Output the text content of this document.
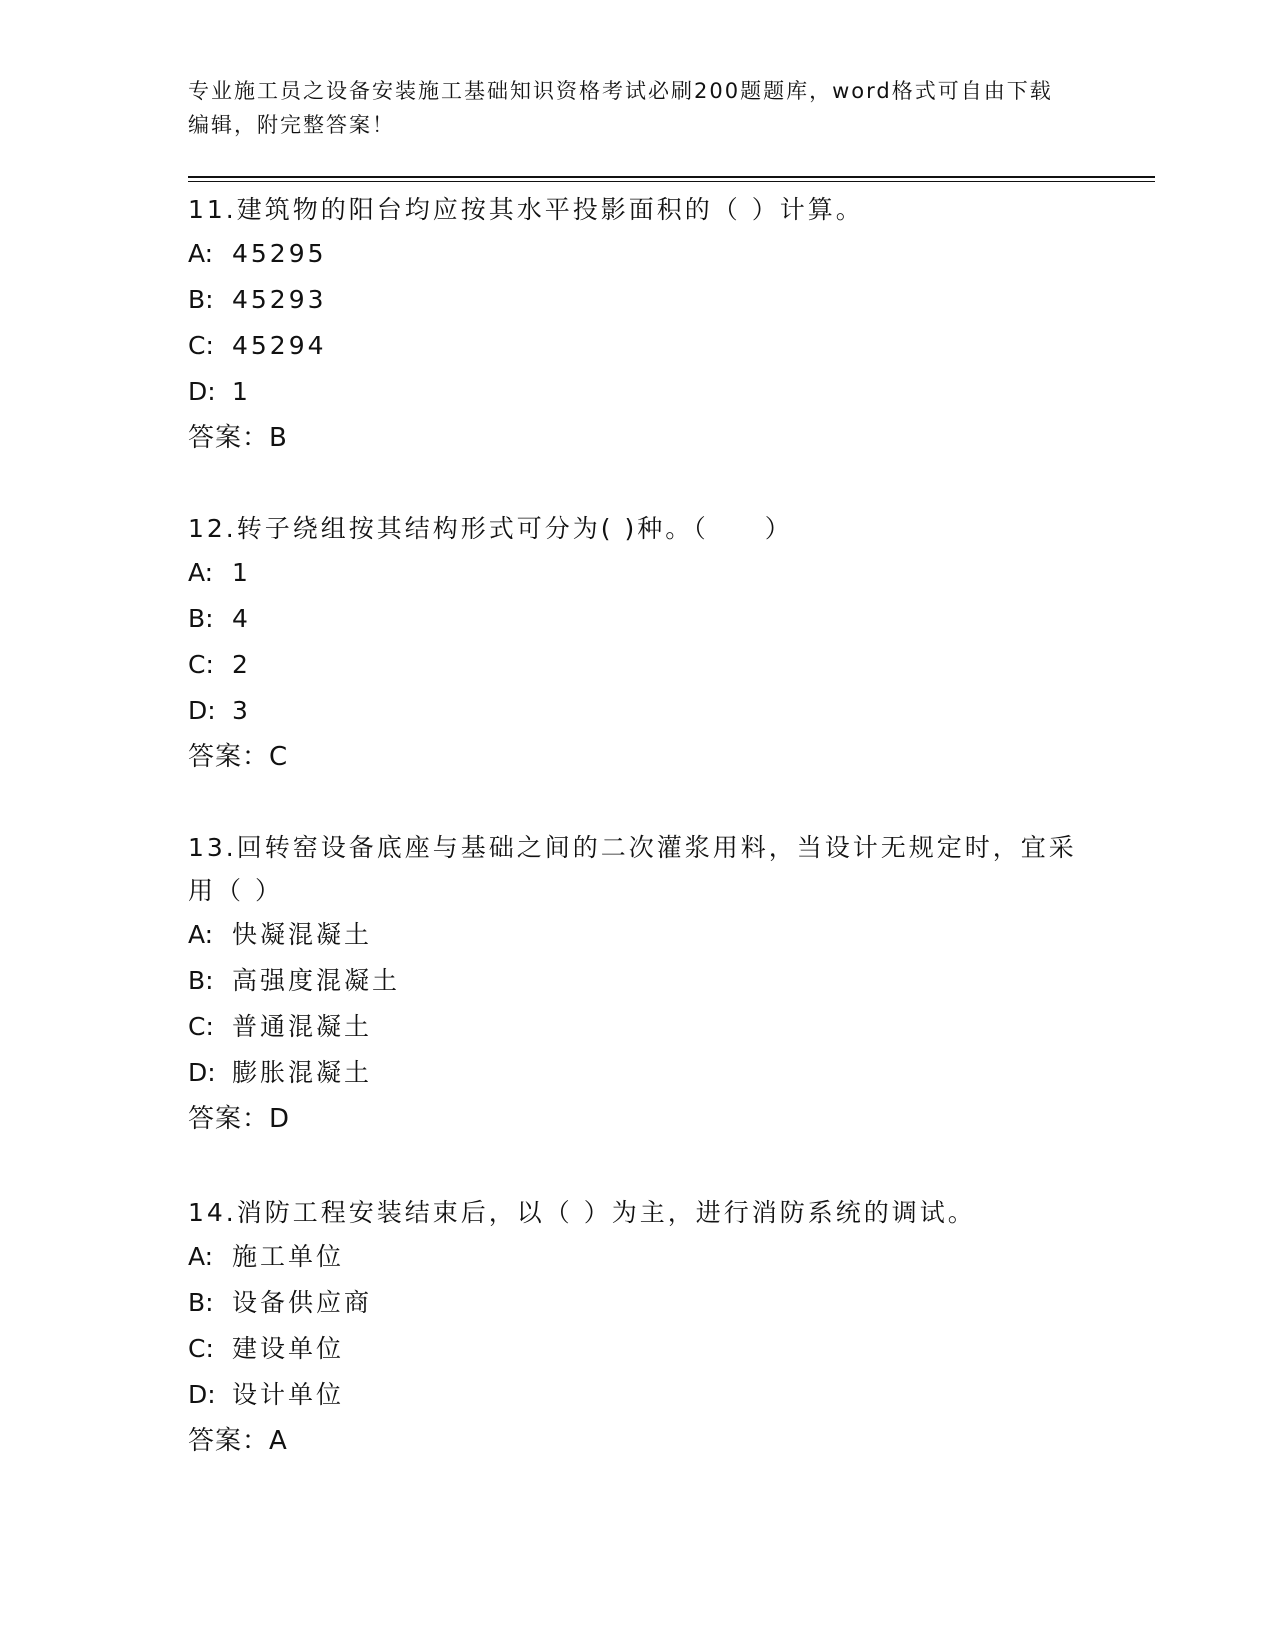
专业施工员之设备安装施工基础知识资格考试必刷200题题库，word格式可自由下载编辑，附完整答案！
11.建筑物的阳台均应按其水平投影面积的（ ）计算。
A: 45295
B: 45293
C: 45294
D: 1
答案：B
12.转子绕组按其结构形式可分为( )种。（　　）
A: 1
B: 4
C: 2
D: 3
答案：C
13.回转窑设备底座与基础之间的二次灌浆用料，当设计无规定时，宜采用（ ）
A: 快凝混凝土
B: 高强度混凝土
C: 普通混凝土
D: 膨胀混凝土
答案：D
14.消防工程安装结束后，以（ ）为主，进行消防系统的调试。
A: 施工单位
B: 设备供应商
C: 建设单位
D: 设计单位
答案：A
